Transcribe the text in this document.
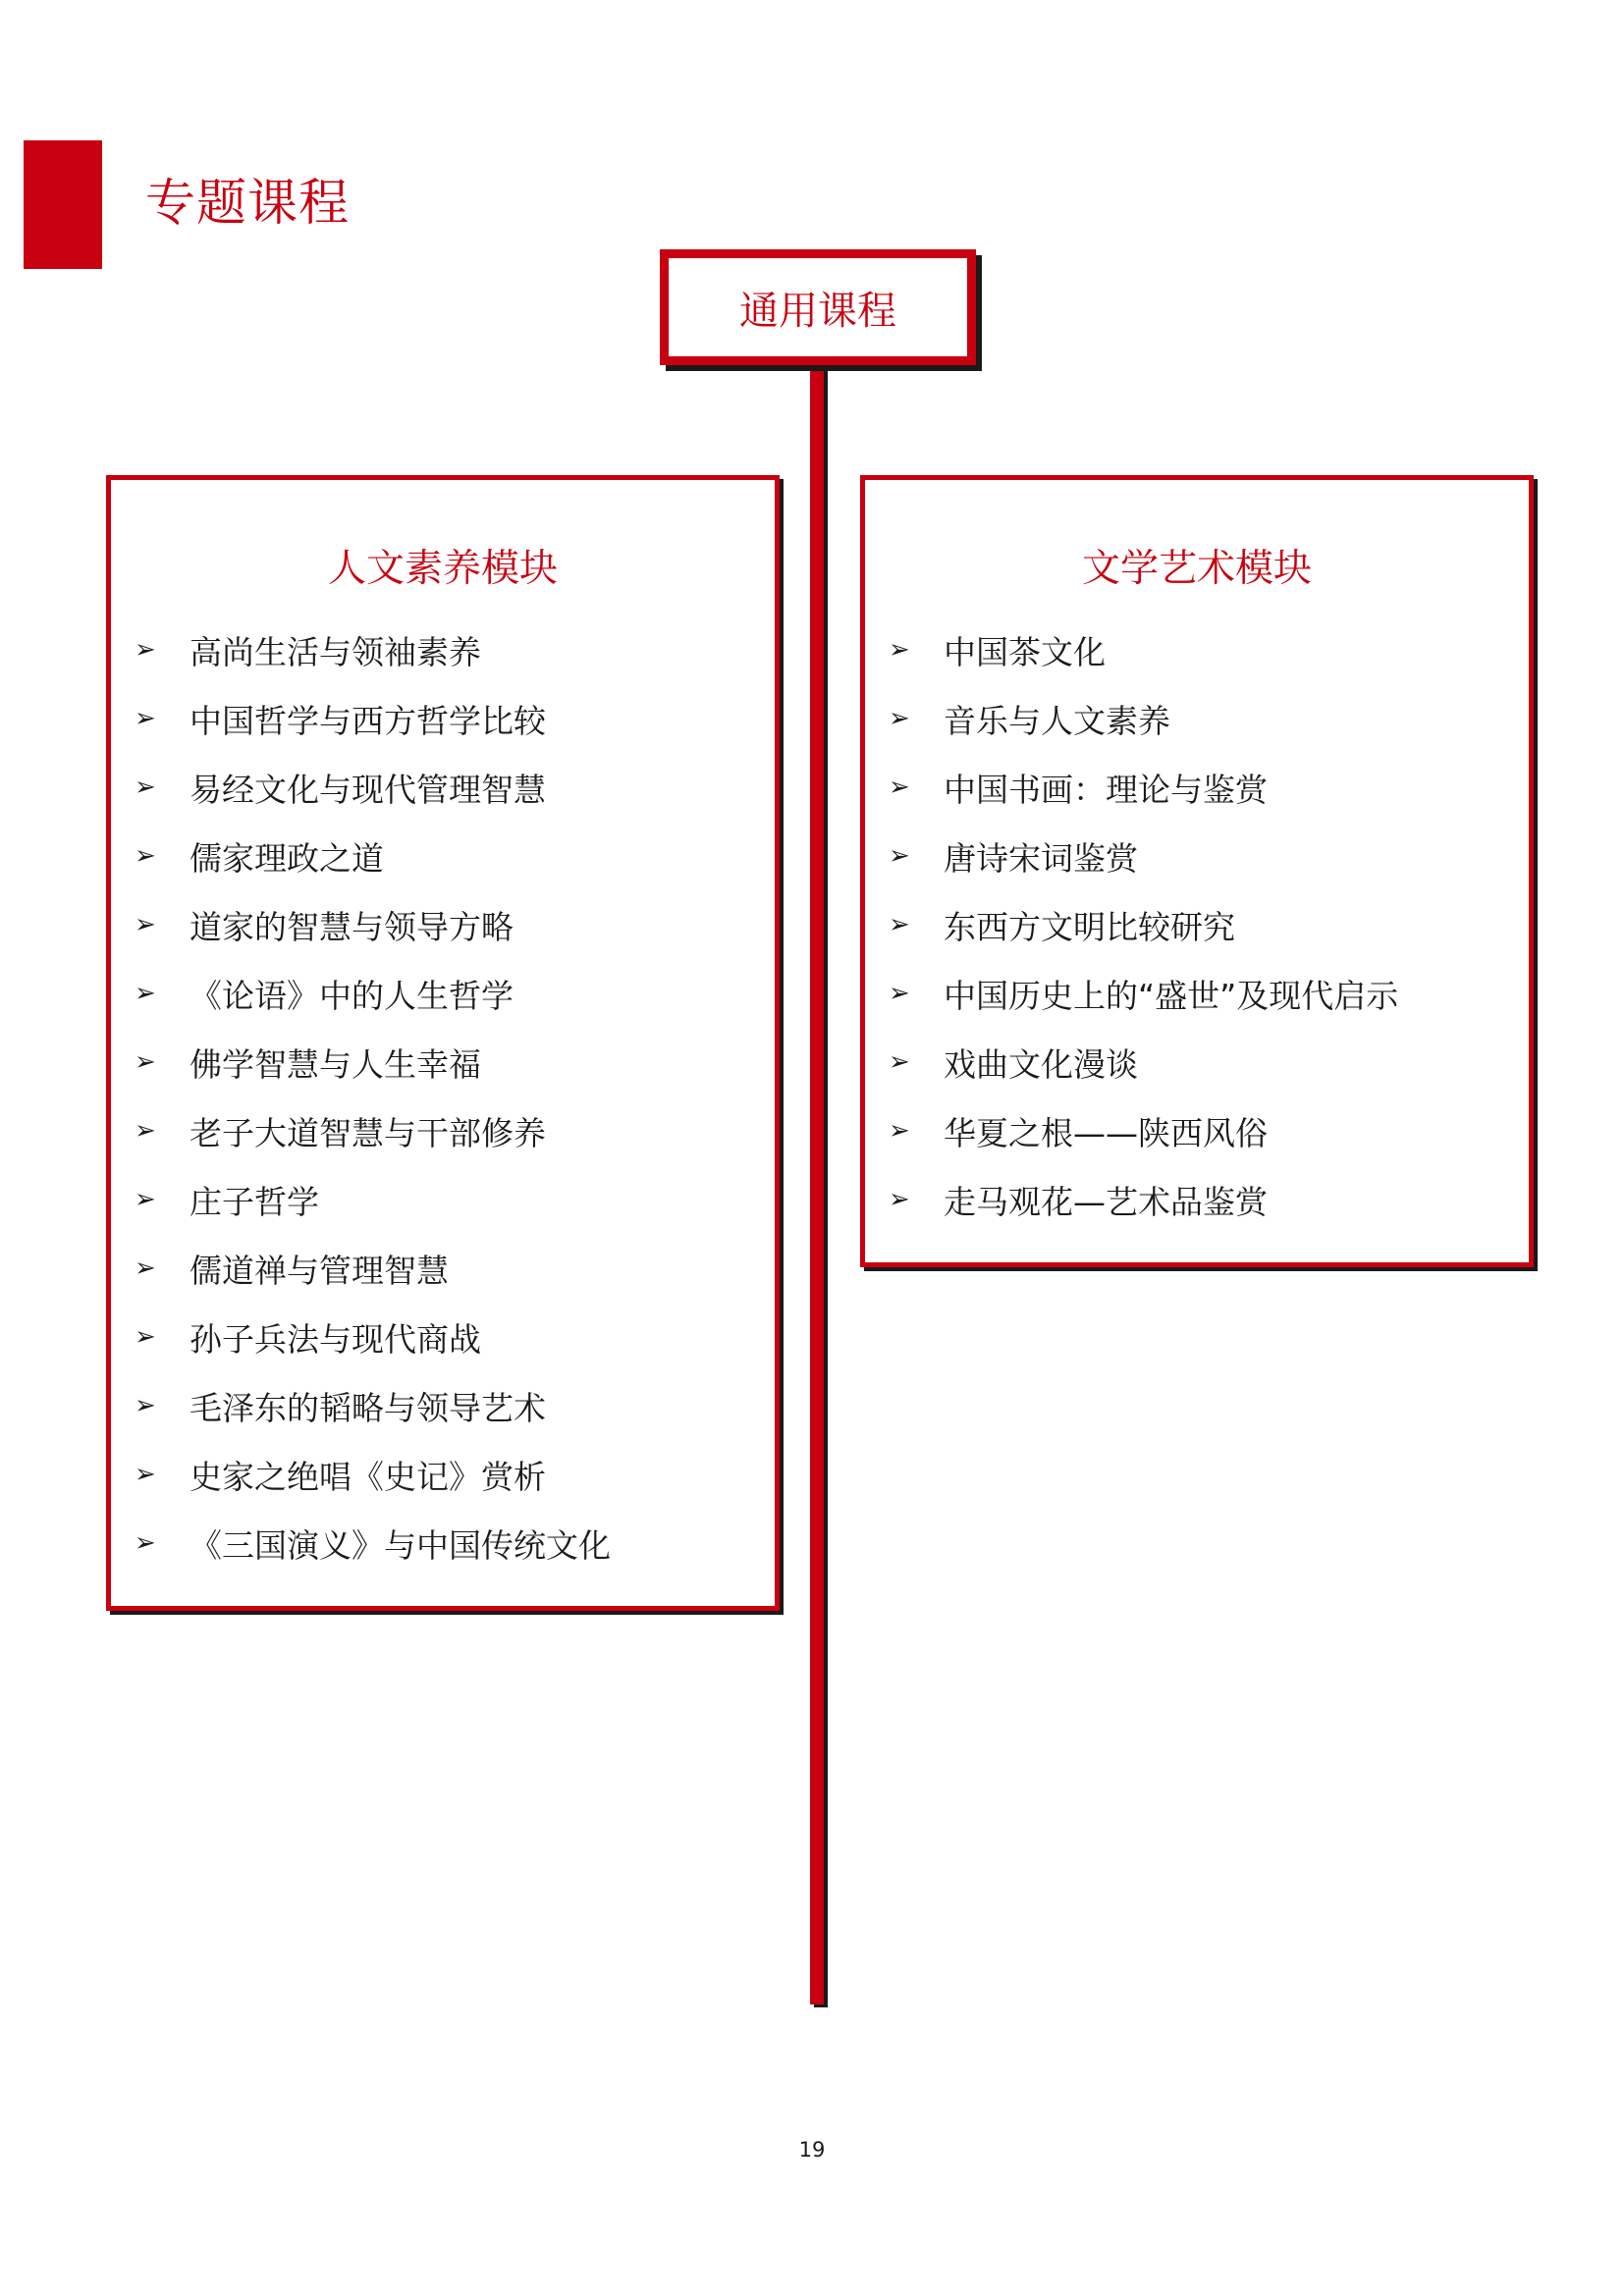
专题课程
通用课程
人文素养模块
➢ 高尚生活与领袖素养
➢ 中国哲学与西方哲学比较
➢ 易经文化与现代管理智慧
➢ 儒家理政之道
➢ 道家的智慧与领导方略
➢ 《论语》中的人生哲学
➢ 佛学智慧与人生幸福
➢ 老子大道智慧与干部修养
➢ 庄子哲学
➢ 儒道禅与管理智慧
➢ 孙子兵法与现代商战
➢ 毛泽东的韬略与领导艺术
➢ 史家之绝唱《史记》赏析
➢ 《三国演义》与中国传统文化
文学艺术模块
➢ 中国茶文化
➢ 音乐与人文素养
➢ 中国书画：理论与鉴赏
➢ 唐诗宋词鉴赏
➢ 东西方文明比较研究
➢ 中国历史上的“盛世”及现代启示
➢ 戏曲文化漫谈
➢ 华夏之根——陕西风俗
➢ 走马观花—艺术品鉴赏
19
